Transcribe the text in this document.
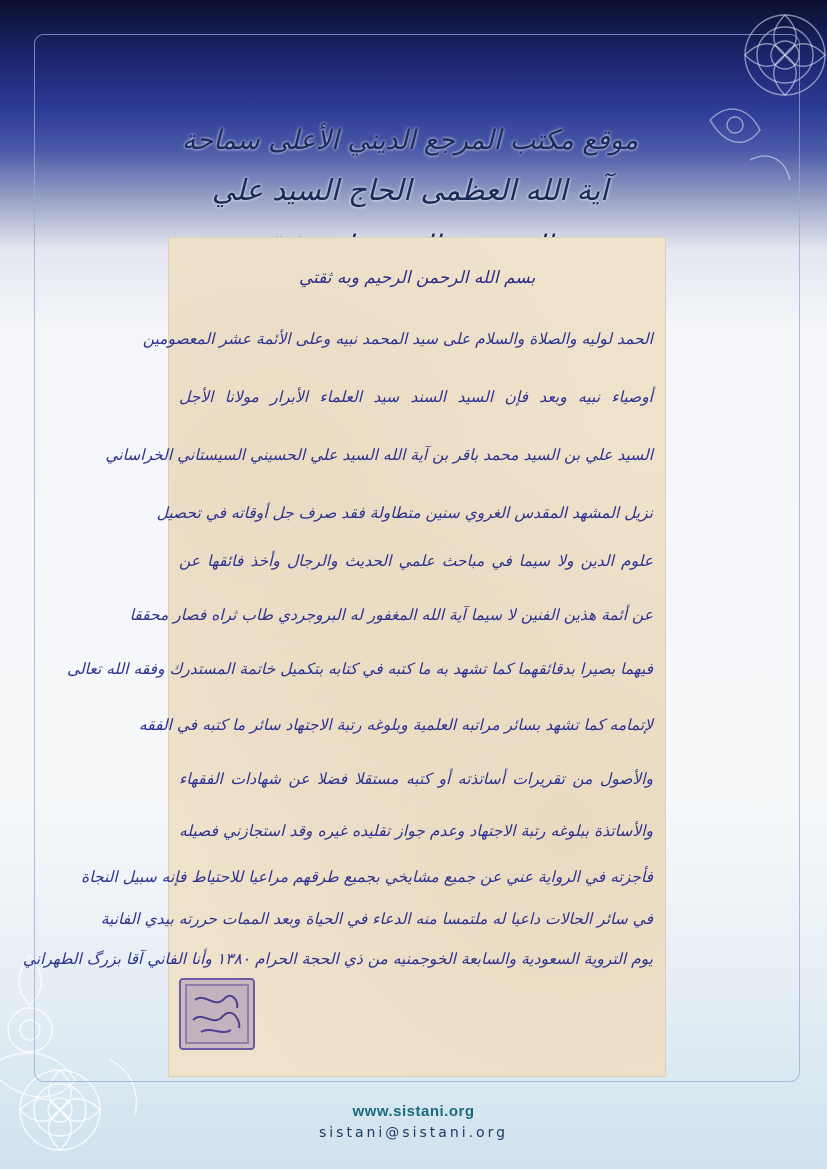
موقع مكتب المرجع الديني الأعلى سماحة
آية الله العظمى الحاج السيد علي
بسم الله الرحمن الرحيم وبه ثقتي
الحمد لوليه والصلاة والسلام على سيد المحمد نبيه وعلى الأئمة عشر المعصومين
أوصياء نبيه وبعد فإن السيد السند سيد العلماء الأبرار مولانا الأجل
السيد علي بن السيد محمد باقر بن آية الله السيد علي الحسيني السيستاني الخراساني
نزيل المشهد المقدس الغروي سنين متطاولة فقد صرف جل أوقاته في تحصيل
علوم الدين ولا سيما في مباحث علمي الحديث والرجال وأخذ فائقها عن
عن أئمة هذين الفنين لا سيما آية الله المغفور له البروجردي طاب ثراه فصار محققا
فيهما بصيرا بدقائقهما كما تشهد به ما كتبه في كتابه بتكميل خاتمة المستدرك وفقه الله تعالى
لإتمامه كما تشهد بسائر مراتبه العلمية وبلوغه رتبة الاجتهاد سائر ما كتبه في الفقه
والأصول من تقريرات أساتذته أو كتبه مستقلا فضلا عن شهادات الفقهاء
والأساتذة ببلوغه رتبة الاجتهاد وعدم جواز تقليده غيره وقد استجازني فصيله
فأجزته في الرواية عني عن جميع مشايخي بجميع طرقهم مراعيا للاحتياط فإنه سبيل النجاة
في سائر الحالات داعيا له ملتمسا منه الدعاء في الحياة وبعد الممات حررته بيدي الفانية
يوم التروية السعودية والسابعة الخوجمنيه من ذي الحجة الحرام ١٣٨٠ وأنا الفاني آقا بزرگ الطهراني
www.sistani.org
sistani@sistani.org
